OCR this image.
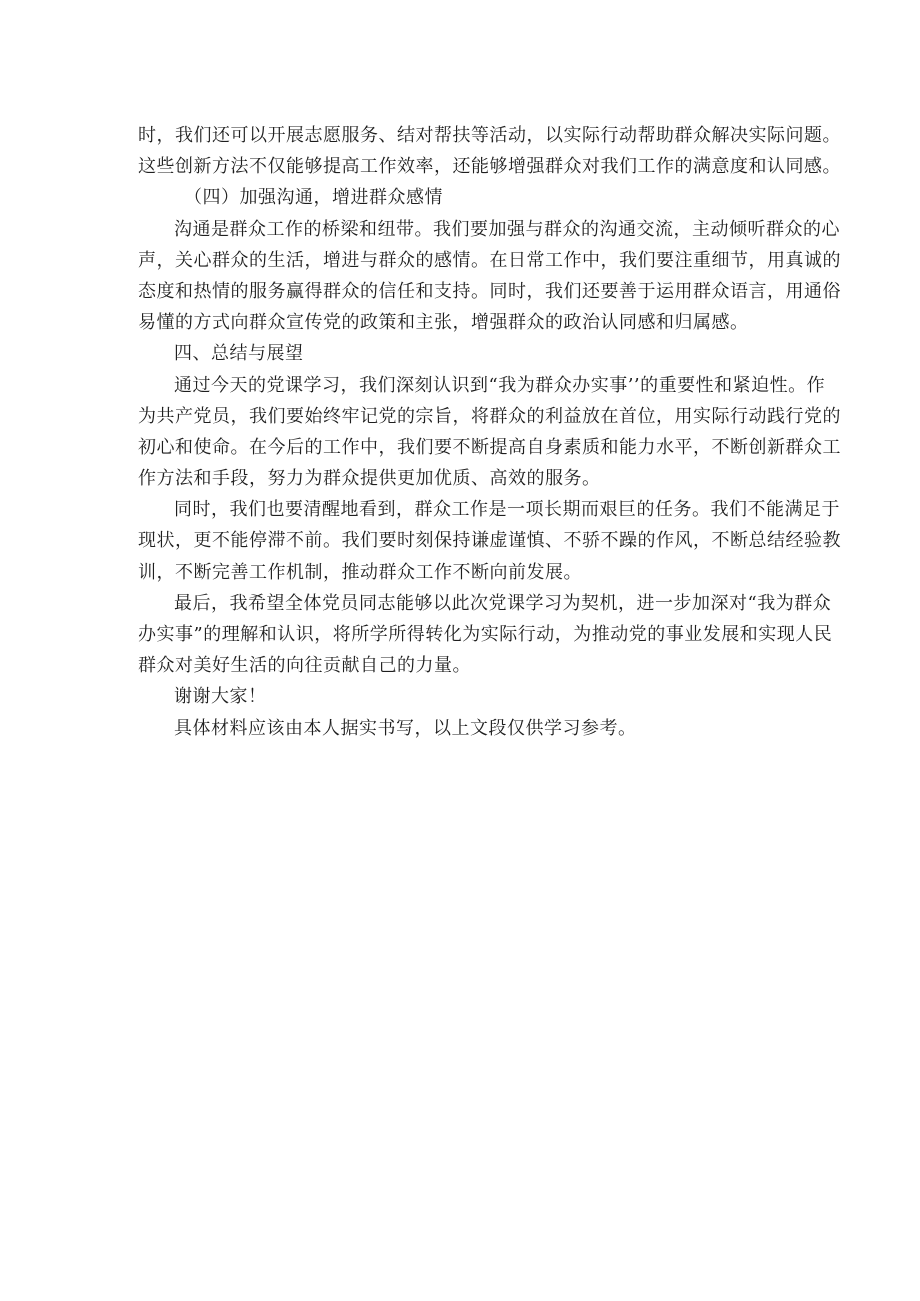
时，我们还可以开展志愿服务、结对帮扶等活动，以实际行动帮助群众解决实际问题。
这些创新方法不仅能够提高工作效率，还能够增强群众对我们工作的满意度和认同感。
（四）加强沟通，增进群众感情
沟通是群众工作的桥梁和纽带。我们要加强与群众的沟通交流，主动倾听群众的心
声，关心群众的生活，增进与群众的感情。在日常工作中，我们要注重细节，用真诚的
态度和热情的服务赢得群众的信任和支持。同时，我们还要善于运用群众语言，用通俗
易懂的方式向群众宣传党的政策和主张，增强群众的政治认同感和归属感。
四、总结与展望
通过今天的党课学习，我们深刻认识到“我为群众办实事’’的重要性和紧迫性。作
为共产党员，我们要始终牢记党的宗旨，将群众的利益放在首位，用实际行动践行党的
初心和使命。在今后的工作中，我们要不断提高自身素质和能力水平，不断创新群众工
作方法和手段，努力为群众提供更加优质、高效的服务。
同时，我们也要清醒地看到，群众工作是一项长期而艰巨的任务。我们不能满足于
现状，更不能停滞不前。我们要时刻保持谦虚谨慎、不骄不躁的作风，不断总结经验教
训，不断完善工作机制，推动群众工作不断向前发展。
最后，我希望全体党员同志能够以此次党课学习为契机，进一步加深对“我为群众
办实事”的理解和认识，将所学所得转化为实际行动，为推动党的事业发展和实现人民
群众对美好生活的向往贡献自己的力量。
谢谢大家！
具体材料应该由本人据实书写，以上文段仅供学习参考。
